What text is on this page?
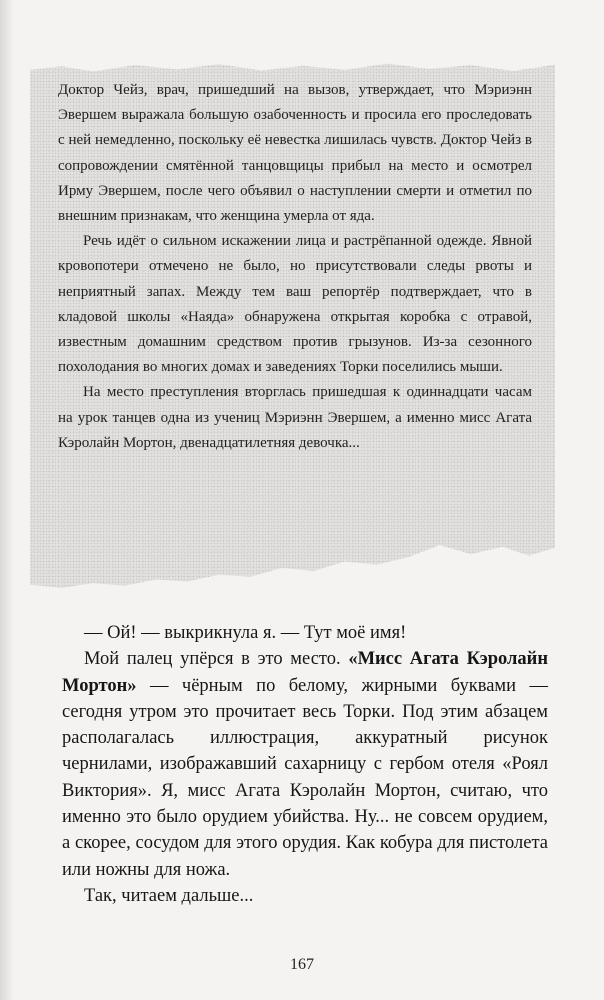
Доктор Чейз, врач, пришедший на вызов, утверждает, что Мэриэнн Эвершем выражала большую озабоченность и просила его проследовать с ней немедленно, поскольку её невестка лишилась чувств. Доктор Чейз в сопровождении смятённой танцовщицы прибыл на место и осмотрел Ирму Эвершем, после чего объявил о наступлении смерти и отметил по внешним признакам, что женщина умерла от яда.

Речь идёт о сильном искажении лица и растрёпанной одежде. Явной кровопотери отмечено не было, но присутствовали следы рвоты и неприятный запах. Между тем ваш репортёр подтверждает, что в кладовой школы «Наяда» обнаружена открытая коробка с отравой, известным домашним средством против грызунов. Из-за сезонного похолодания во многих домах и заведениях Торки поселились мыши.

На место преступления вторглась пришедшая к одиннадцати часам на урок танцев одна из учениц Мэриэнн Эвершем, а именно мисс Агата Кэролайн Мортон, двенадцатилетняя девочка...

— Ой! — выкрикнула я. — Тут моё имя!

Мой палец упёрся в это место. «Мисс Агата Кэролайн Мортон» — чёрным по белому, жирными буквами — сегодня утром это прочитает весь Торки. Под этим абзацем располагалась иллюстрация, аккуратный рисунок чернилами, изображавший сахарницу с гербом отеля «Роял Виктория». Я, мисс Агата Кэролайн Мортон, считаю, что именно это было орудием убийства. Ну... не совсем орудием, а скорее, сосудом для этого орудия. Как кобура для пистолета или ножны для ножа.

Так, читаем дальше...

167
